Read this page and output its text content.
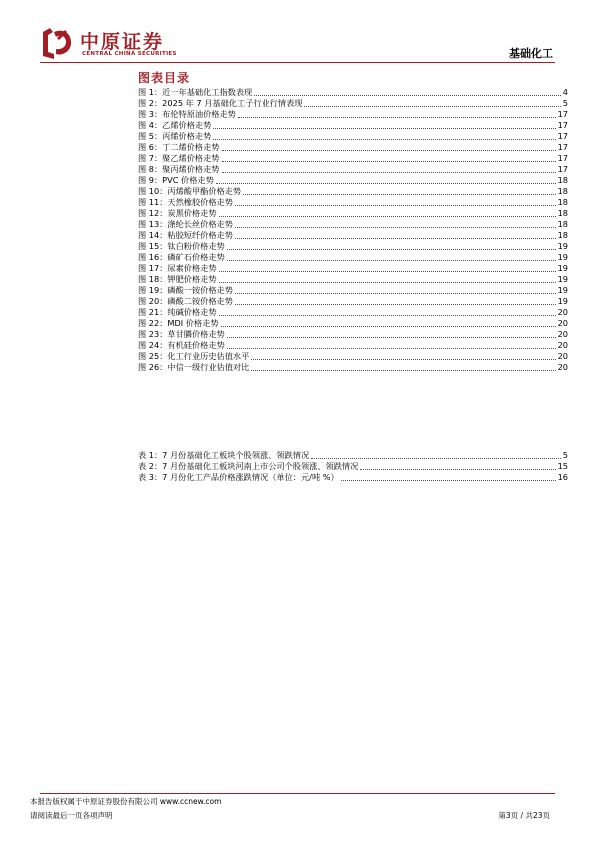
中原证券
CENTRAL CHINA SECURITIES	基础化工
图表目录
图 1：近一年基础化工指数表现	4
图 2：2025 年 7 月基础化工子行业行情表现	5
图 3：布伦特原油价格走势	17
图 4：乙烯价格走势	17
图 5：丙烯价格走势	17
图 6：丁二烯价格走势	17
图 7：聚乙烯价格走势	17
图 8：聚丙烯价格走势	17
图 9：PVC 价格走势	18
图 10：丙烯酸甲酯价格走势	18
图 11：天然橡胶价格走势	18
图 12：炭黑价格走势	18
图 13：涤纶长丝价格走势	18
图 14：粘胶短纤价格走势	18
图 15：钛白粉价格走势	19
图 16：磷矿石价格走势	19
图 17：尿素价格走势	19
图 18：钾肥价格走势	19
图 19：磷酸一铵价格走势	19
图 20：磷酸二铵价格走势	19
图 21：纯碱价格走势	20
图 22：MDI 价格走势	20
图 23：草甘膦价格走势	20
图 24：有机硅价格走势	20
图 25：化工行业历史估值水平	20
图 26：中信一级行业估值对比	20
表 1：7 月份基础化工板块个股领涨、领跌情况	5
表 2：7 月份基础化工板块河南上市公司个股领涨、领跌情况	15
表 3：7 月份化工产品价格涨跌情况（单位：元/吨 %）	16
本报告版权属于中原证券股份有限公司 www.ccnew.com
请阅读最后一页各项声明	第3页 / 共23页
